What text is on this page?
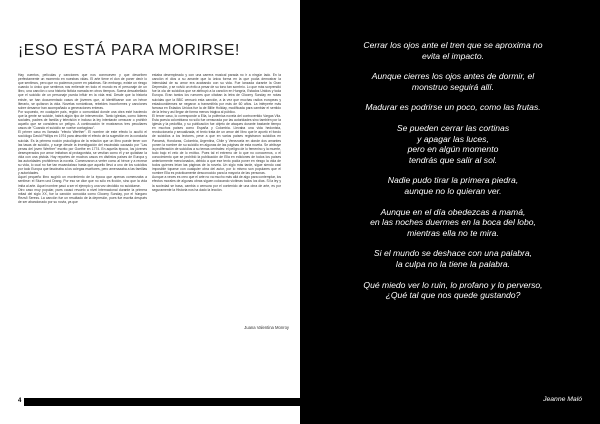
¡ESO ESTÁ PARA MORIRSE!

Hay cuentos, películas y canciones que nos conmueven y que describen perfectamente un momento en nuestras vidas. El arte tiene el don de poner decir lo que sentimos, pero que no podemos poner en palabras. Sin embargo, existe un riesgo cuando lo único que sentimos nos entiende en todo el mundo es el personaje de un libro, una canción o una historia ficticia narrada en otros tiempos. Suena descabellado que el suicidio de un personaje pueda influir en la vida real. Desde que la historia existe, se han documentado casos de jóvenes que, al identificarse con un héroe literario, se quitaron la vida. Novelas románticas, rebeldes inconformes y canciones sobre desamor han acompañado a generaciones enteras.

Por supuesto, en cualquier país, región o comunidad donde una obra esté haciendo que la gente se suicide, habrá algún tipo de intervención. Tanto iglesias, como líderes sociales, padres de familia y televisión e incluso la ley intentarán censurar o prohibir aquello que se considera un peligro. A continuación te mostramos tres peculiares casos de "Cuando el suicidio se vuelve contagioso".

El primer caso es llamado "efecto Werther". El nombre de este efecto lo acuñó el sociólogo David Phillips en 1974 para describir el efecto de la sugestión en la conducta suicida. Es la primera noción psicológica de la relación que un libro puede tener con las tasas de suicidio, y surge desde la investigación del escándalo causado por "Las penas del joven Werther" escrito por Goethe en 1774. En aquella época, los jóvenes desesperados por amor imitaban al protagonista, se vestían como él y se quitaban la vida con una pistola. Hay reportes de muchos casos en distintos países de Europa y las autoridades prohibieron la novela. Comenzaron a verter como al héroe y a recrear su vida, lo cual no fue tan escandaloso hasta que aquello llevó a uno de los suicidios por todo Europa que fascinaba a los colegas escritores, pero amenazaba a las familias y autoridades.

Aquel pequeño libro sugirió un movimiento de la época que apenas comenzaba a sentirse: el Sturm und Drang. Por eso se dice que no sólo es ficción, sino que la vida imita al arte. Aquel nombre pasó a ser el ejemplo y una vez decidido no suicidarse.

Otro caso muy popular, pues causó revuelo a nivel internacional durante la primera mitad del siglo XX, fue la canción conocida como Gloomy Sunday, por el húngaro Rezső Seress. La canción fue un resultado de la depresión, pues fue escrita después de ser abandonado por su novia, ya que

estaba desempleado y con una carrera musical parada no ir a ningún lado. En la canción el dios a su amante que la única forma en la que podía demostrar la intensidad de su amor era acabando con su vida. Fue lanzada durante la Gran Depresión, y se volvió un éxito a pesar de su tono tan sombrío. Lo que más sorprendió fue la ola de suicidios que se atribuyó a la canción en Hungría, Estados Unidos y toda Europa. Eran tantos los rumores que citaban la letra de Gloomy Sunday en notas suicidas que la BBC censuró esta canción, a la vez que muchas radios europeas y estadounidenses se negaron a transmitirla por más de 60 años. La intérprete más famosa en Estados Unidos fue la de Billie Holiday, modificada para cambiar el sentido de la letra y así llegar de forma menos trágica al público.

El tercer caso, lo corresponde a Ella, la polémica novela del controvertido Vargas Vila. Esta poesía colombiana no sólo fue censurada por las autoridades sino también por la iglesia y la pedofilia, y su publicación fue objeto de ataques durante bastante tiempo en muchos países como España y Colombia. Llevaba una vida hedonista, revolucionaria y sexualizada, el texto trata de un amor del libro que le aportó el fondo de suicidios a los lectores, pese a que en varios países registraron suicidios en Panamá, Honduras, Colombia, Argentina, Chile y Venezuela en donde dos amantes ponen la nombre de su suicidio en algunas de las páginas de esta novela. Se atribuye la proliferación de suicidios a su temas centrales: el peligro de lo femenino y la muerte, todo bajo el velo de lo erótico. Pues tal el extremo de lo que no conocemos, o el conocimiento que se prohibió la publicación de Ella en ediciones de todos los países anteriormente mencionados, debido a que ese texto podía poner en riesgo la vida de todos quienes leían las páginas de la novela. Un siglo más tarde, sigue siendo casi imposible toparse con cualquier obra del autor, por lo mismo son populares que el nombre Ella es prácticamente desconocido para la mayoría de las personas.

Aunque a veces es creo que el arte no va mucho más allá de algo para contemplar, los efectos morales de algunas obras siguen colocando víctimas todos los días. Si la ley y la sociedad se basa, cambia o censura por el contenido de una obra de arte, es por seguramente la Historia nos ha dado la lección.

Juana Valentina Monroy
4
Cerrar los ojos ante el tren que se aproxima no
evita el impacto.
Aunque cierres los ojos antes de dormir, el
monstruo seguirá allí.
Madurar es podrirse un poco, como las frutas.
Se pueden cerrar las cortinas
y apagar las luces,
pero en algún momento
tendrás que salir al sol.
Nadie pudo tirar la primera piedra,
aunque no lo quieran ver.
Aunque en el día obedezcas a mamá,
en las noches duermes en la boca del lobo,
mientras ella no te mira.
Si el mundo se deshace con una palabra,
la culpa no la tiene la palabra.
Qué miedo ver lo ruin, lo profano y lo perverso,
¿Qué tal que nos quede gustando?
Jeanne Maló
